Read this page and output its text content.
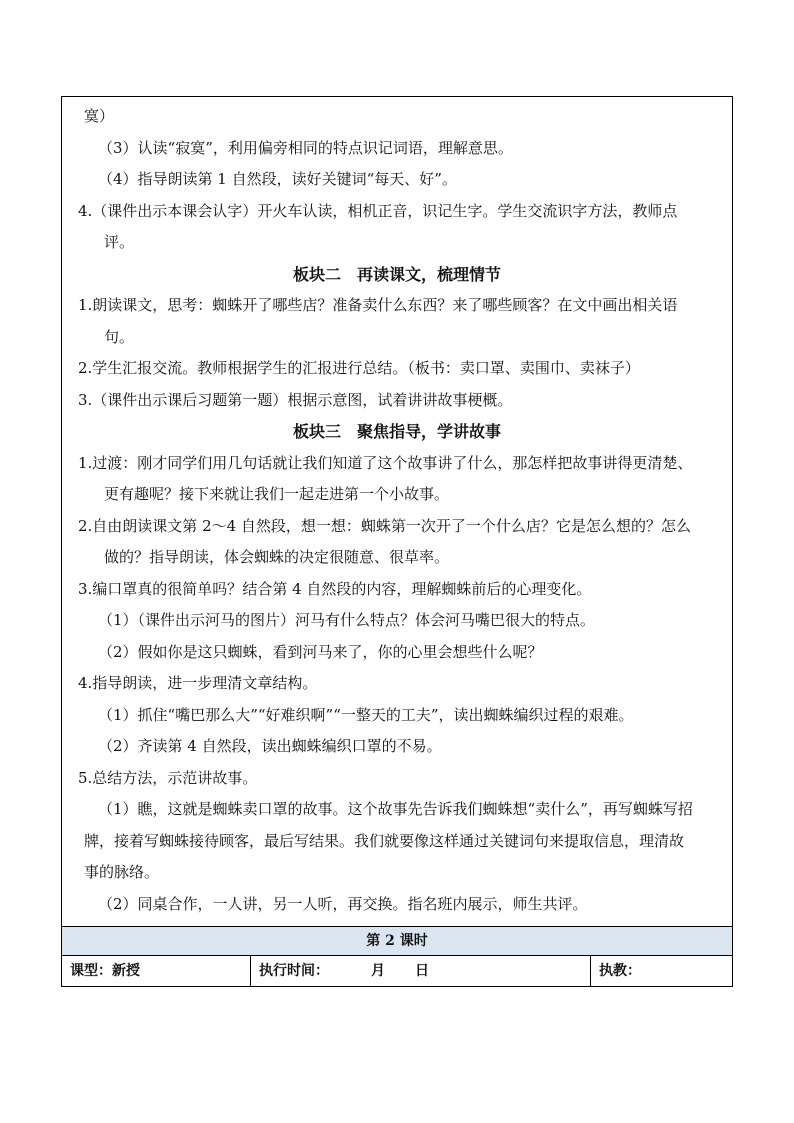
寞）
（3）认读“寂寞”，利用偏旁相同的特点识记词语，理解意思。
（4）指导朗读第 1 自然段，读好关键词“每天、好”。
4.（课件出示本课会认字）开火车认读，相机正音，识记生字。学生交流识字方法，教师点
评。
板块二　再读课文，梳理情节
1.朗读课文，思考：蜘蛛开了哪些店？准备卖什么东西？来了哪些顾客？在文中画出相关语
句。
2.学生汇报交流。教师根据学生的汇报进行总结。（板书：卖口罩、卖围巾、卖袜子）
3.（课件出示课后习题第一题）根据示意图，试着讲讲故事梗概。
板块三　聚焦指导，学讲故事
1.过渡：刚才同学们用几句话就让我们知道了这个故事讲了什么，那怎样把故事讲得更清楚、
更有趣呢？接下来就让我们一起走进第一个小故事。
2.自由朗读课文第 2～4 自然段，想一想：蜘蛛第一次开了一个什么店？它是怎么想的？怎么
做的？指导朗读，体会蜘蛛的决定很随意、很草率。
3.编口罩真的很简单吗？结合第 4 自然段的内容，理解蜘蛛前后的心理变化。
（1）（课件出示河马的图片）河马有什么特点？体会河马嘴巴很大的特点。
（2）假如你是这只蜘蛛，看到河马来了，你的心里会想些什么呢？
4.指导朗读，进一步理清文章结构。
（1）抓住“嘴巴那么大”“好难织啊”“一整天的工夫”，读出蜘蛛编织过程的艰难。
（2）齐读第 4 自然段，读出蜘蛛编织口罩的不易。
5.总结方法，示范讲故事。
（1）瞧，这就是蜘蛛卖口罩的故事。这个故事先告诉我们蜘蛛想“卖什么”，再写蜘蛛写招
牌，接着写蜘蛛接待顾客，最后写结果。我们就要像这样通过关键词句来提取信息，理清故
事的脉络。
（2）同桌合作，一人讲，另一人听，再交换。指名班内展示，师生共评。
第 2 课时
课型：新授	执行时间：	月 日	执教：
